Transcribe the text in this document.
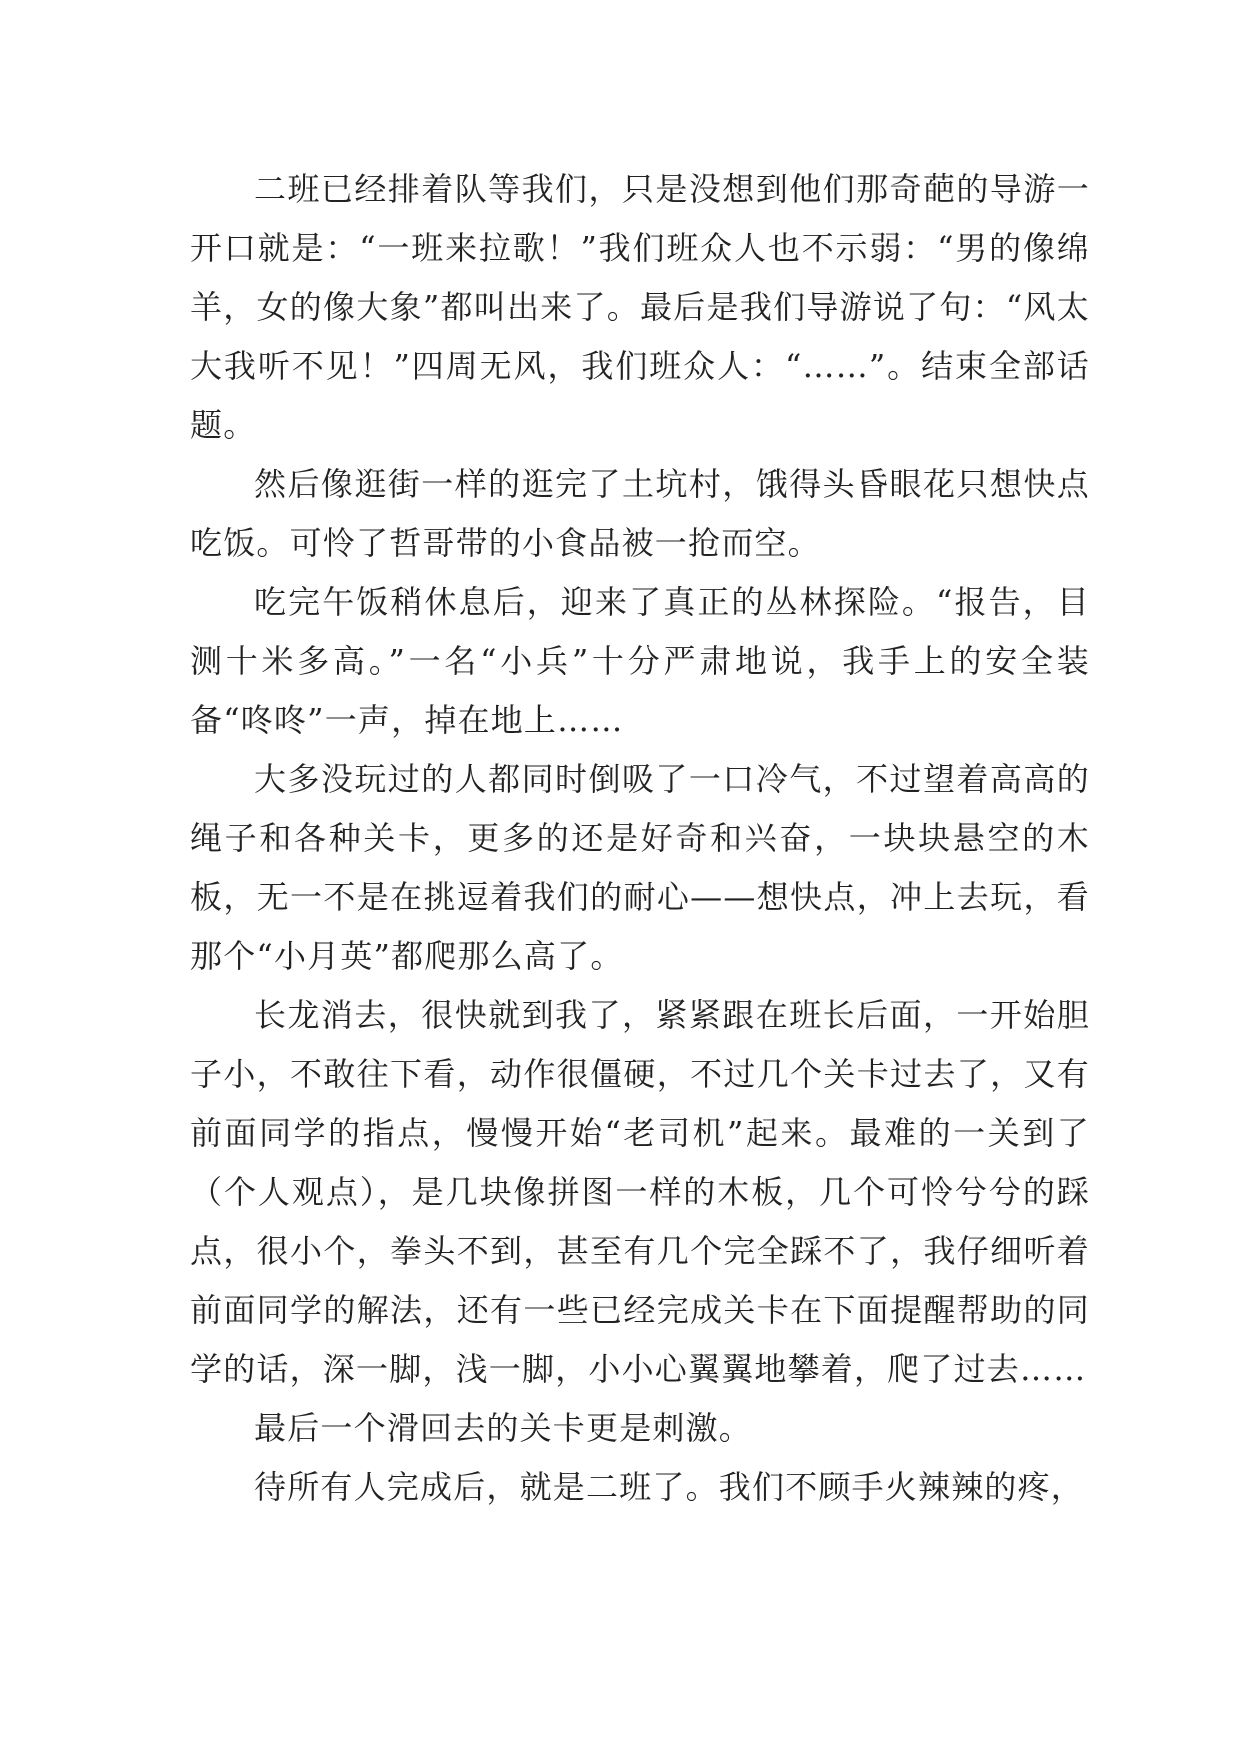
二班已经排着队等我们，只是没想到他们那奇葩的导游一开口就是：“一班来拉歌！”我们班众人也不示弱：“男的像绵羊，女的像大象”都叫出来了。最后是我们导游说了句：“风太大我听不见！”四周无风，我们班众人：“……”。结束全部话题。

然后像逛街一样的逛完了土坑村，饿得头昏眼花只想快点吃饭。可怜了哲哥带的小食品被一抢而空。

吃完午饭稍休息后，迎来了真正的丛林探险。“报告，目测十米多高。”一名“小兵”十分严肃地说，我手上的安全装备“咚咚”一声，掉在地上……

大多没玩过的人都同时倒吸了一口冷气，不过望着高高的绳子和各种关卡，更多的还是好奇和兴奋，一块块悬空的木板，无一不是在挑逗着我们的耐心——想快点，冲上去玩，看那个“小月英”都爬那么高了。

长龙消去，很快就到我了，紧紧跟在班长后面，一开始胆子小，不敢往下看，动作很僵硬，不过几个关卡过去了，又有前面同学的指点，慢慢开始“老司机”起来。最难的一关到了（个人观点），是几块像拼图一样的木板，几个可怜兮兮的踩点，很小个，拳头不到，甚至有几个完全踩不了，我仔细听着前面同学的解法，还有一些已经完成关卡在下面提醒帮助的同学的话，深一脚，浅一脚，小小心翼翼地攀着，爬了过去……

最后一个滑回去的关卡更是刺激。

待所有人完成后，就是二班了。我们不顾手火辣辣的疼，
